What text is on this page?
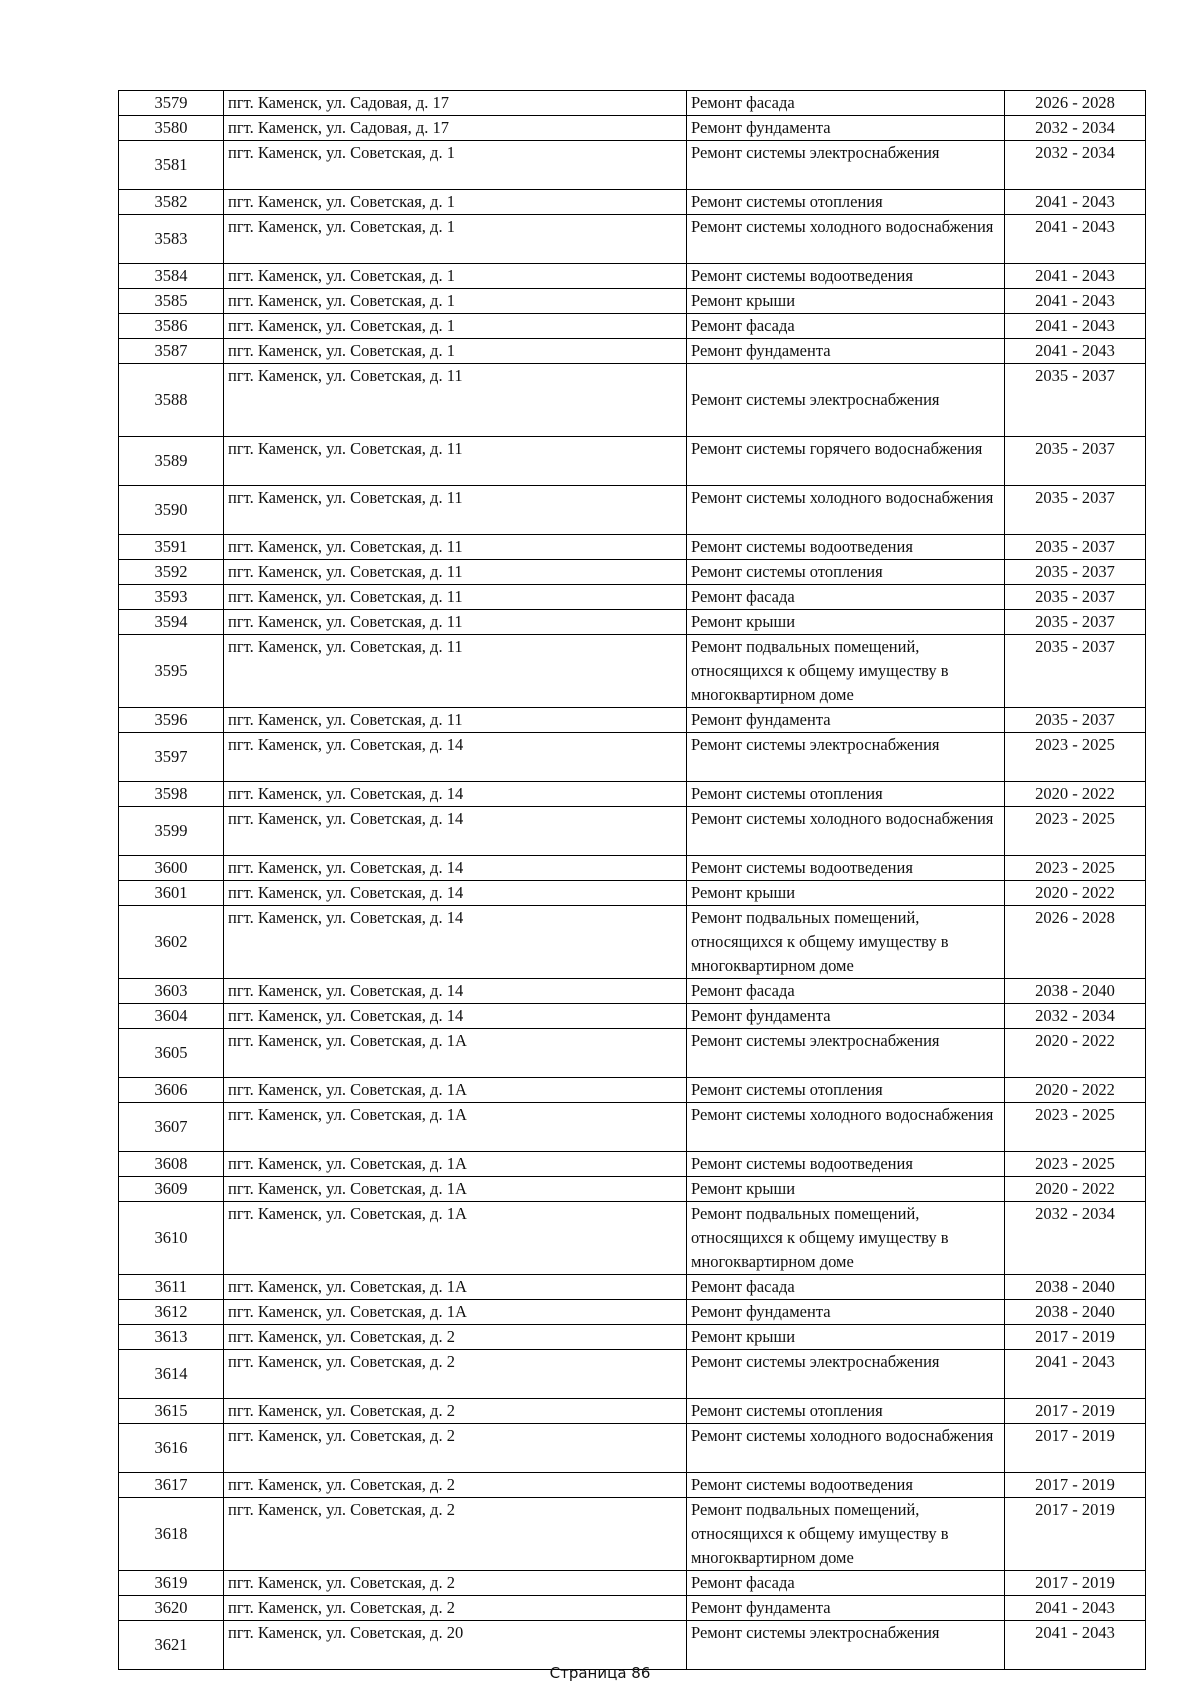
3579	пгт. Каменск, ул. Садовая, д. 17	Ремонт фасада	2026 - 2028
3580	пгт. Каменск, ул. Садовая, д. 17	Ремонт фундамента	2032 - 2034
3581	пгт. Каменск, ул. Советская, д. 1	Ремонт системы электроснабжения	2032 - 2034
3582	пгт. Каменск, ул. Советская, д. 1	Ремонт системы отопления	2041 - 2043
3583	пгт. Каменск, ул. Советская, д. 1	Ремонт системы холодного водоснабжения	2041 - 2043
3584	пгт. Каменск, ул. Советская, д. 1	Ремонт системы водоотведения	2041 - 2043
3585	пгт. Каменск, ул. Советская, д. 1	Ремонт крыши	2041 - 2043
3586	пгт. Каменск, ул. Советская, д. 1	Ремонт фасада	2041 - 2043
3587	пгт. Каменск, ул. Советская, д. 1	Ремонт фундамента	2041 - 2043
3588	пгт. Каменск, ул. Советская, д. 11	Ремонт системы электроснабжения	2035 - 2037
3589	пгт. Каменск, ул. Советская, д. 11	Ремонт системы горячего водоснабжения	2035 - 2037
3590	пгт. Каменск, ул. Советская, д. 11	Ремонт системы холодного водоснабжения	2035 - 2037
3591	пгт. Каменск, ул. Советская, д. 11	Ремонт системы водоотведения	2035 - 2037
3592	пгт. Каменск, ул. Советская, д. 11	Ремонт системы отопления	2035 - 2037
3593	пгт. Каменск, ул. Советская, д. 11	Ремонт фасада	2035 - 2037
3594	пгт. Каменск, ул. Советская, д. 11	Ремонт крыши	2035 - 2037
3595	пгт. Каменск, ул. Советская, д. 11	Ремонт подвальных помещений, относящихся к общему имуществу в многоквартирном доме	2035 - 2037
3596	пгт. Каменск, ул. Советская, д. 11	Ремонт фундамента	2035 - 2037
3597	пгт. Каменск, ул. Советская, д. 14	Ремонт системы электроснабжения	2023 - 2025
3598	пгт. Каменск, ул. Советская, д. 14	Ремонт системы отопления	2020 - 2022
3599	пгт. Каменск, ул. Советская, д. 14	Ремонт системы холодного водоснабжения	2023 - 2025
3600	пгт. Каменск, ул. Советская, д. 14	Ремонт системы водоотведения	2023 - 2025
3601	пгт. Каменск, ул. Советская, д. 14	Ремонт крыши	2020 - 2022
3602	пгт. Каменск, ул. Советская, д. 14	Ремонт подвальных помещений, относящихся к общему имуществу в многоквартирном доме	2026 - 2028
3603	пгт. Каменск, ул. Советская, д. 14	Ремонт фасада	2038 - 2040
3604	пгт. Каменск, ул. Советская, д. 14	Ремонт фундамента	2032 - 2034
3605	пгт. Каменск, ул. Советская, д. 1А	Ремонт системы электроснабжения	2020 - 2022
3606	пгт. Каменск, ул. Советская, д. 1А	Ремонт системы отопления	2020 - 2022
3607	пгт. Каменск, ул. Советская, д. 1А	Ремонт системы холодного водоснабжения	2023 - 2025
3608	пгт. Каменск, ул. Советская, д. 1А	Ремонт системы водоотведения	2023 - 2025
3609	пгт. Каменск, ул. Советская, д. 1А	Ремонт крыши	2020 - 2022
3610	пгт. Каменск, ул. Советская, д. 1А	Ремонт подвальных помещений, относящихся к общему имуществу в многоквартирном доме	2032 - 2034
3611	пгт. Каменск, ул. Советская, д. 1А	Ремонт фасада	2038 - 2040
3612	пгт. Каменск, ул. Советская, д. 1А	Ремонт фундамента	2038 - 2040
3613	пгт. Каменск, ул. Советская, д. 2	Ремонт крыши	2017 - 2019
3614	пгт. Каменск, ул. Советская, д. 2	Ремонт системы электроснабжения	2041 - 2043
3615	пгт. Каменск, ул. Советская, д. 2	Ремонт системы отопления	2017 - 2019
3616	пгт. Каменск, ул. Советская, д. 2	Ремонт системы холодного водоснабжения	2017 - 2019
3617	пгт. Каменск, ул. Советская, д. 2	Ремонт системы водоотведения	2017 - 2019
3618	пгт. Каменск, ул. Советская, д. 2	Ремонт подвальных помещений, относящихся к общему имуществу в многоквартирном доме	2017 - 2019
3619	пгт. Каменск, ул. Советская, д. 2	Ремонт фасада	2017 - 2019
3620	пгт. Каменск, ул. Советская, д. 2	Ремонт фундамента	2041 - 2043
3621	пгт. Каменск, ул. Советская, д. 20	Ремонт системы электроснабжения	2041 - 2043
Страница 86
